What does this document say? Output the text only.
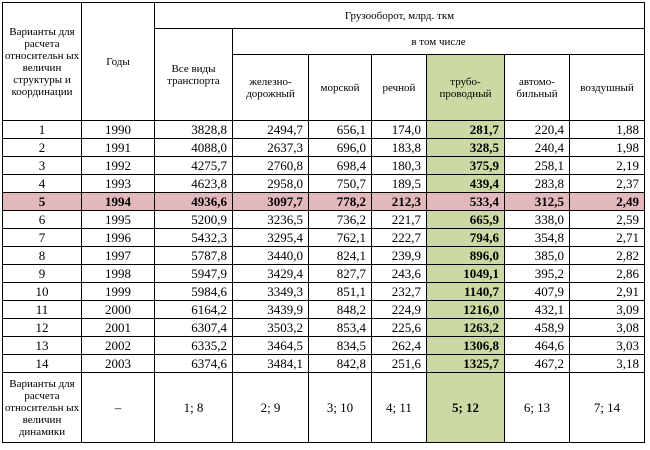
Варианты для расчета относительн ых величин структуры и координации	Годы	Грузооборот, млрд. ткм						
		Все виды транспорта	в том числе					
			железно-дорожный	морской	речной	трубо-проводный	автомо-бильный	воздушный
1	1990	3828,8	2494,7	656,1	174,0	281,7	220,4	1,88
2	1991	4088,0	2637,3	696,0	183,8	328,5	240,4	1,98
3	1992	4275,7	2760,8	698,4	180,3	375,9	258,1	2,19
4	1993	4623,8	2958,0	750,7	189,5	439,4	283,8	2,37
5	1994	4936,6	3097,7	778,2	212,3	533,4	312,5	2,49
6	1995	5200,9	3236,5	736,2	221,7	665,9	338,0	2,59
7	1996	5432,3	3295,4	762,1	222,7	794,6	354,8	2,71
8	1997	5787,8	3440,0	824,1	239,9	896,0	385,0	2,82
9	1998	5947,9	3429,4	827,7	243,6	1049,1	395,2	2,86
10	1999	5984,6	3349,3	851,1	232,7	1140,7	407,9	2,91
11	2000	6164,2	3439,9	848,2	224,9	1216,0	432,1	3,09
12	2001	6307,4	3503,2	853,4	225,6	1263,2	458,9	3,08
13	2002	6335,2	3464,5	834,5	262,4	1306,8	464,6	3,03
14	2003	6374,6	3484,1	842,8	251,6	1325,7	467,2	3,18
Варианты для расчета относительн ых величин динамики	–	1; 8	2; 9	3; 10	4; 11	5; 12	6; 13	7; 14
